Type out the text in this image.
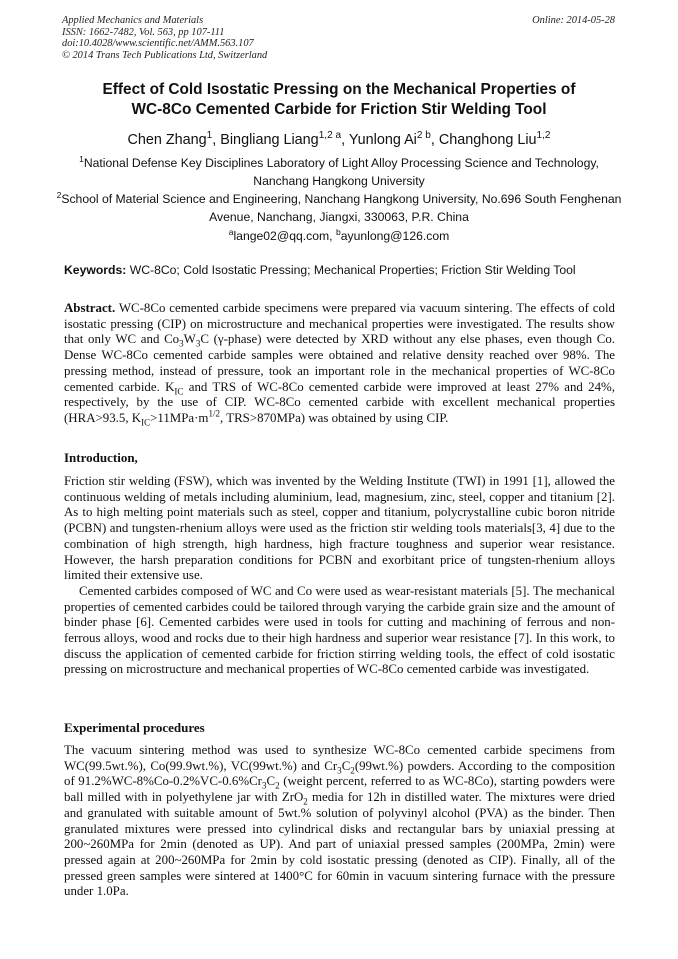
Applied Mechanics and Materials
ISSN: 1662-7482, Vol. 563, pp 107-111
doi:10.4028/www.scientific.net/AMM.563.107
© 2014 Trans Tech Publications Ltd, Switzerland
Online: 2014-05-28
Effect of Cold Isostatic Pressing on the Mechanical Properties of
WC-8Co Cemented Carbide for Friction Stir Welding Tool
Chen Zhang$^1$, Bingliang Liang$^{1,2 a}$, Yunlong $Ai^{2 b}$, Changhong Liu$^{1,2}$
$^1$National Defense Key Disciplines Laboratory of Light Alloy Processing Science and Technology, Nanchang Hangkong University
$^2$School of Material Science and Engineering, Nanchang Hangkong University, No.696 South Fenghenan Avenue, Nanchang, Jiangxi, 330063, P.R. China
$^a$lange02@qq.com, $^b$ayunlong@126.com
Keywords: WC-8Co; Cold Isostatic Pressing; Mechanical Properties; Friction Stir Welding Tool

Abstract. WC-8Co cemented carbide specimens were prepared via vacuum sintering. The effects of cold isostatic pressing (CIP) on microstructure and mechanical properties were investigated. The results show that only WC and $Co_3W_3C$ (γ-phase) were detected by XRD without any else phases, even though Co. Dense WC-8Co cemented carbide samples were obtained and relative density reached over 98%. The pressing method, instead of pressure, took an important role in the mechanical properties of WC-8Co cemented carbide. $K_{IC}$ and TRS of WC-8Co cemented carbide were improved at least 27% and 24%, respectively, by the use of CIP. WC-8Co cemented carbide with excellent mechanical properties (HRA>93.5, $K_{IC}>11MPa\cdot m^{1/2}$, TRS>870MPa) was obtained by using CIP.

Introduction,

Friction stir welding (FSW), which was invented by the Welding Institute (TWI) in 1991 [1], allowed the continuous welding of metals including aluminium, lead, magnesium, zinc, steel, copper and titanium [2]. As to high melting point materials such as steel, copper and titanium, polycrystalline cubic boron nitride (PCBN) and tungsten-rhenium alloys were used as the friction stir welding tools materials[3, 4] due to the combination of high strength, high hardness, high fracture toughness and superior wear resistance. However, the harsh preparation conditions for PCBN and exorbitant price of tungsten-rhenium alloys limited their extensive use.

Cemented carbides composed of WC and Co were used as wear-resistant materials [5]. The mechanical properties of cemented carbides could be tailored through varying the carbide grain size and the amount of binder phase [6]. Cemented carbides were used in tools for cutting and machining of ferrous and non-ferrous alloys, wood and rocks due to their high hardness and superior wear resistance [7]. In this work, to discuss the application of cemented carbide for friction stirring welding tools, the effect of cold isostatic pressing on microstructure and mechanical properties of WC-8Co cemented carbide was investigated.

Experimental procedures

The vacuum sintering method was used to synthesize WC-8Co cemented carbide specimens from WC(99.5wt.%), Co(99.9wt.%), VC(99wt.%) and $Cr_3C_2(99wt.\%)$ powders. According to the composition of $91.2\%WC-8\%Co-0.2\%VC-0.6\%Cr_3C_2$ (weight percent, referred to as WC-8Co), starting powders were ball milled with in polyethylene jar with ZrO$_2$ media for 12h in distilled water. The mixtures were dried and granulated with suitable amount of 5wt.% solution of polyvinyl alcohol (PVA) as the binder. Then granulated mixtures were pressed into cylindrical disks and rectangular bars by uniaxial pressing at 200~260MPa for 2min (denoted as UP). And part of uniaxial pressed samples (200MPa, 2min) were pressed again at 200~260MPa for 2min by cold isostatic pressing (denoted as CIP). Finally, all of the pressed green samples were sintered at 1400°C for 60min in vacuum sintering furnace with the pressure under 1.0Pa.
